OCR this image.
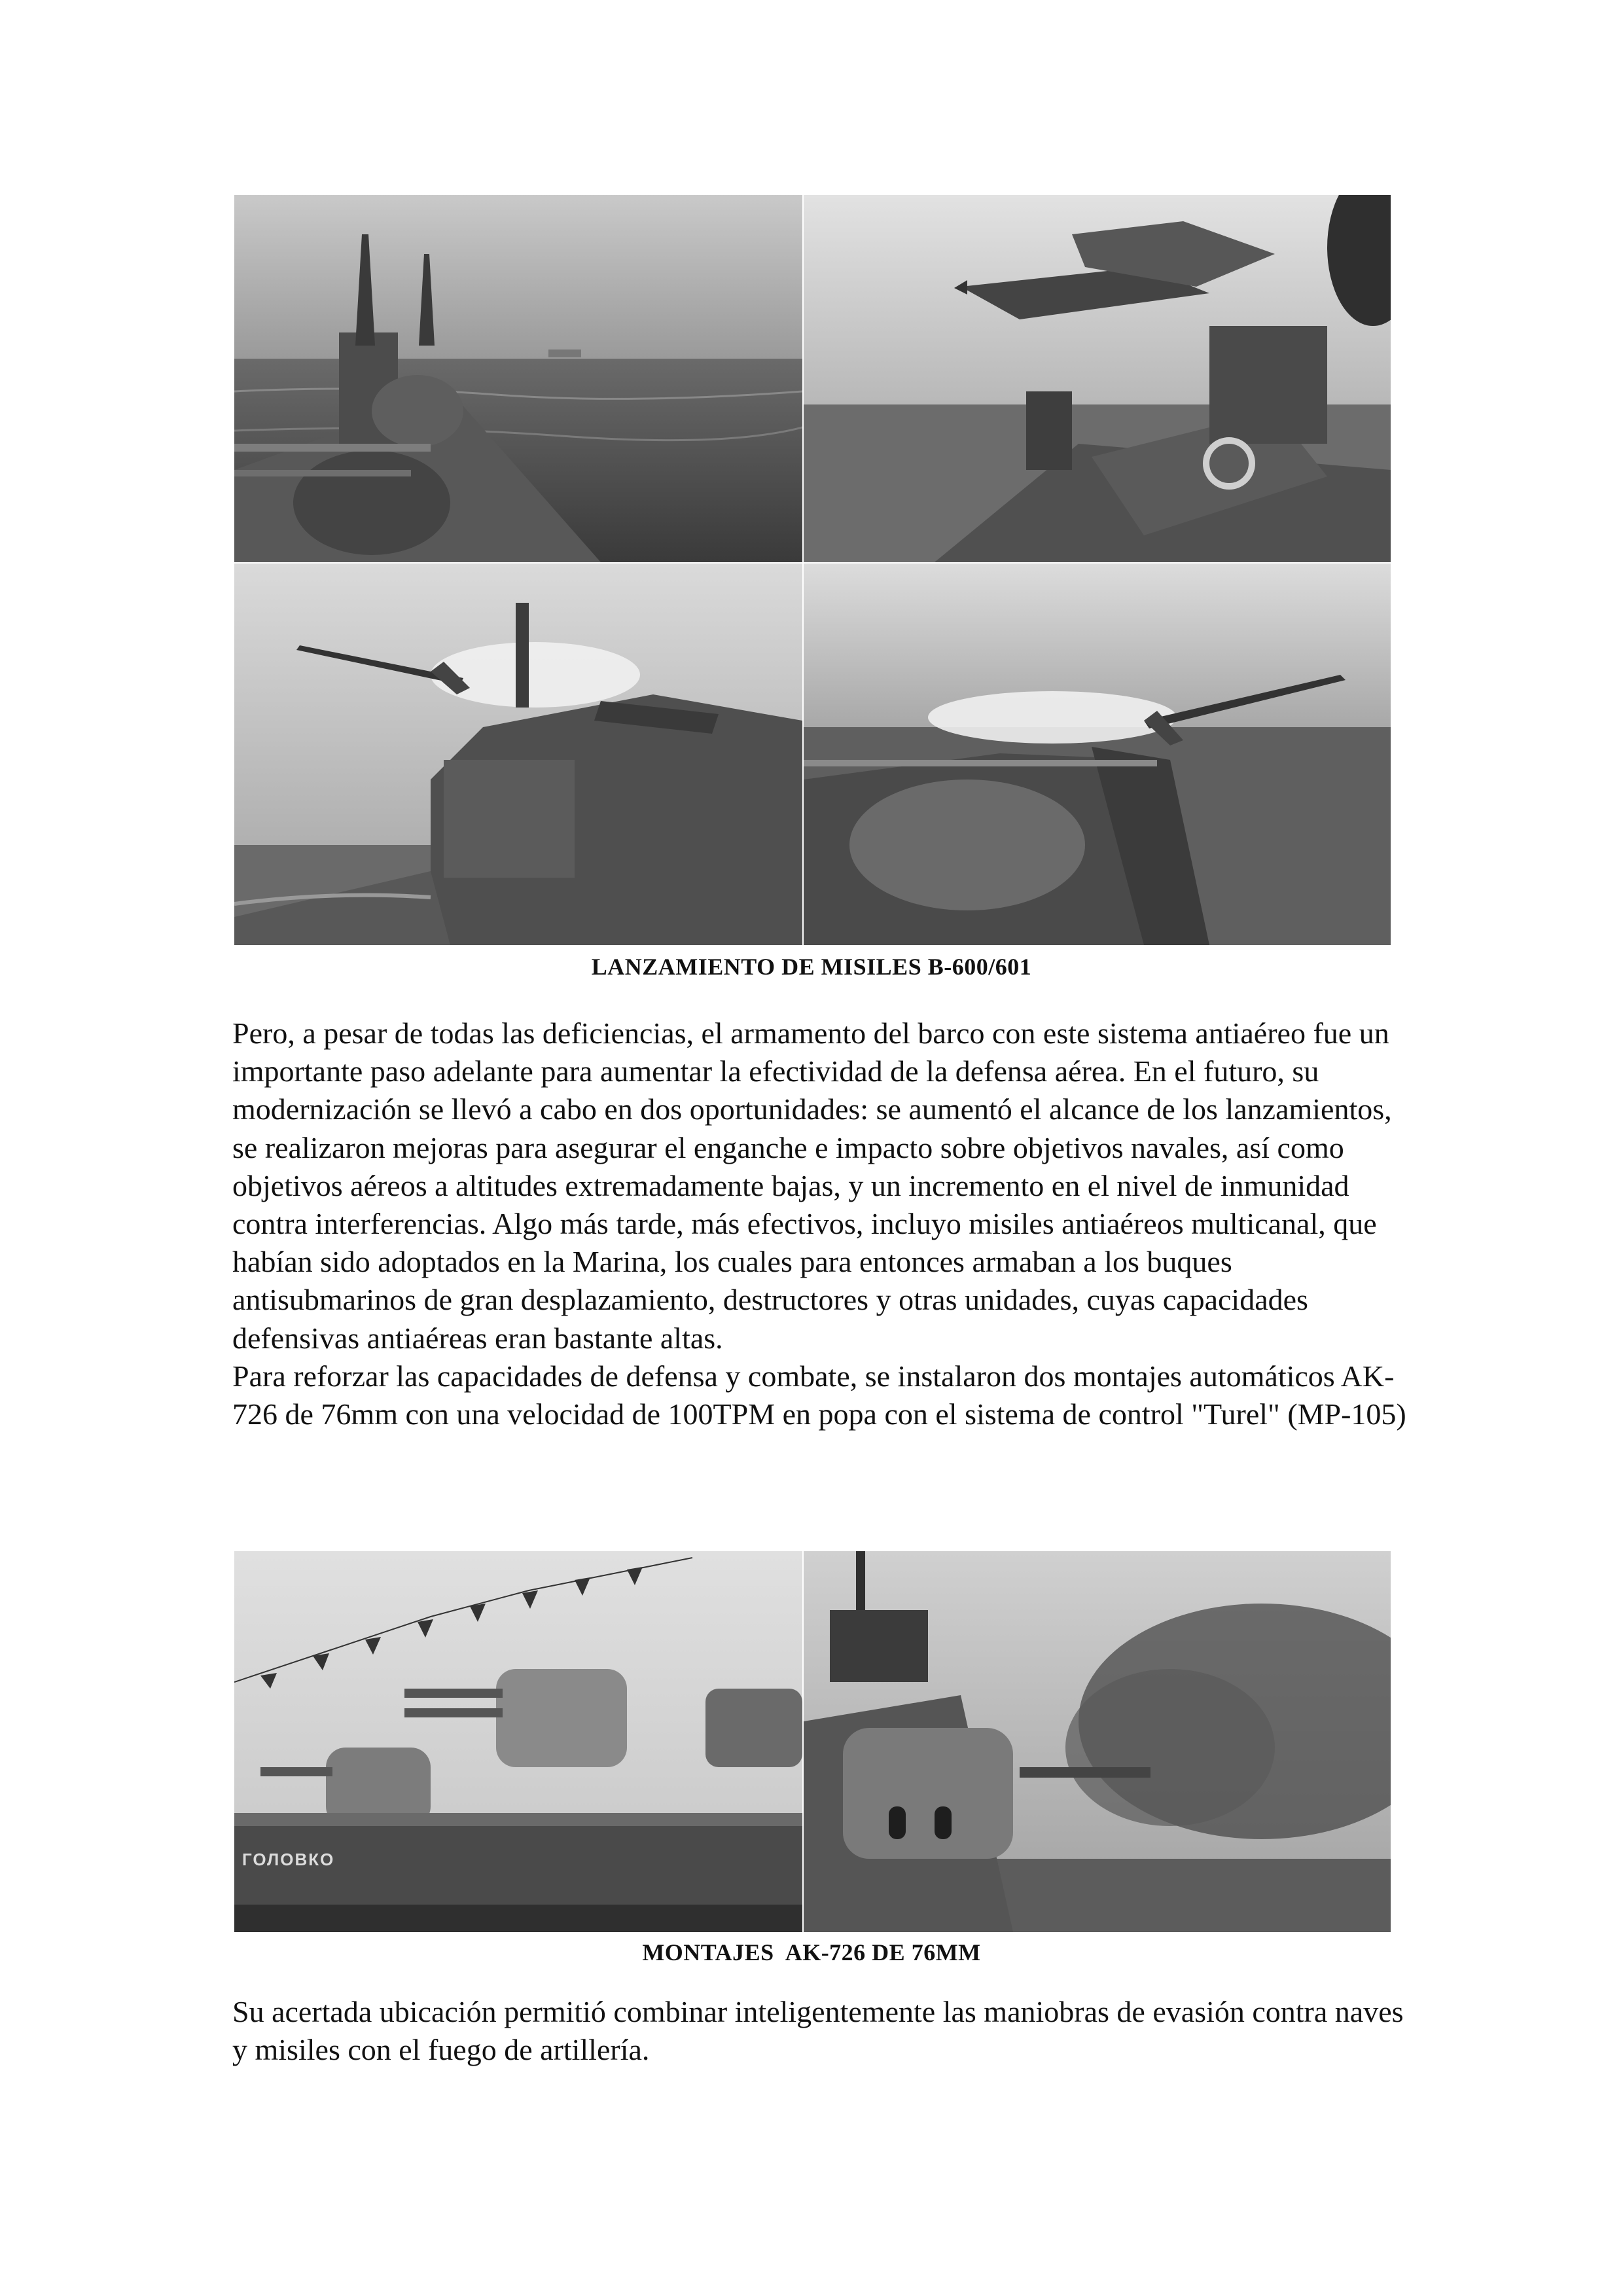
LANZAMIENTO DE MISILES B-600/601

Pero, a pesar de todas las deficiencias, el armamento del barco con este sistema antiaéreo fue un importante paso adelante para aumentar la efectividad de la defensa aérea. En el futuro, su modernización se llevó a cabo en dos oportunidades: se aumentó el alcance de los lanzamientos, se realizaron mejoras para asegurar el enganche e impacto sobre objetivos navales, así como objetivos aéreos a altitudes extremadamente bajas, y un incremento en el nivel de inmunidad contra interferencias. Algo más tarde, más efectivos, incluyo misiles antiaéreos multicanal, que habían sido adoptados en la Marina, los cuales para entonces armaban a los buques antisubmarinos de gran desplazamiento, destructores y otras unidades, cuyas capacidades defensivas antiaéreas eran bastante altas.

Para reforzar las capacidades de defensa y combate, se instalaron dos montajes automáticos AK-726 de 76mm con una velocidad de 100TPM en popa con el sistema de control "Turel" (MP-105)

ГОЛОВКО

MONTAJES  AK-726 DE 76MM

Su acertada ubicación permitió combinar inteligentemente las maniobras de evasión contra naves y misiles con el fuego de artillería.
